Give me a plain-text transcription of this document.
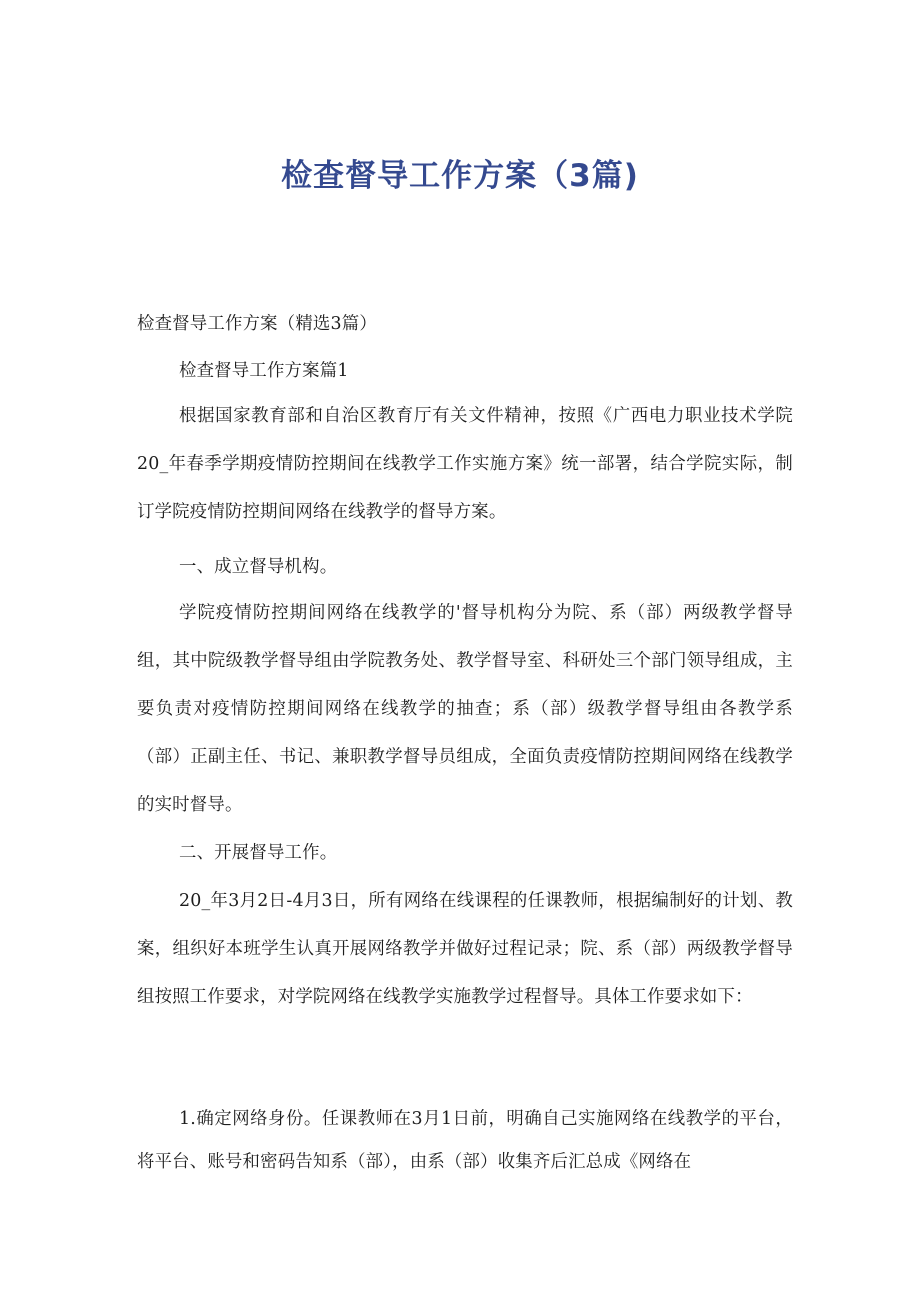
检查督导工作方案（3篇)

检查督导工作方案（精选3篇）

检查督导工作方案篇1

根据国家教育部和自治区教育厅有关文件精神，按照《广西电力职业技术学院20_年春季学期疫情防控期间在线教学工作实施方案》统一部署，结合学院实际，制订学院疫情防控期间网络在线教学的督导方案。

一、成立督导机构。

学院疫情防控期间网络在线教学的'督导机构分为院、系（部）两级教学督导组，其中院级教学督导组由学院教务处、教学督导室、科研处三个部门领导组成，主要负责对疫情防控期间网络在线教学的抽查；系（部）级教学督导组由各教学系（部）正副主任、书记、兼职教学督导员组成，全面负责疫情防控期间网络在线教学的实时督导。

二、开展督导工作。

20_年3月2日-4月3日，所有网络在线课程的任课教师，根据编制好的计划、教案，组织好本班学生认真开展网络教学并做好过程记录；院、系（部）两级教学督导组按照工作要求，对学院网络在线教学实施教学过程督导。具体工作要求如下：

1.确定网络身份。任课教师在3月1日前，明确自己实施网络在线教学的平台，将平台、账号和密码告知系（部），由系（部）收集齐后汇总成《网络在
